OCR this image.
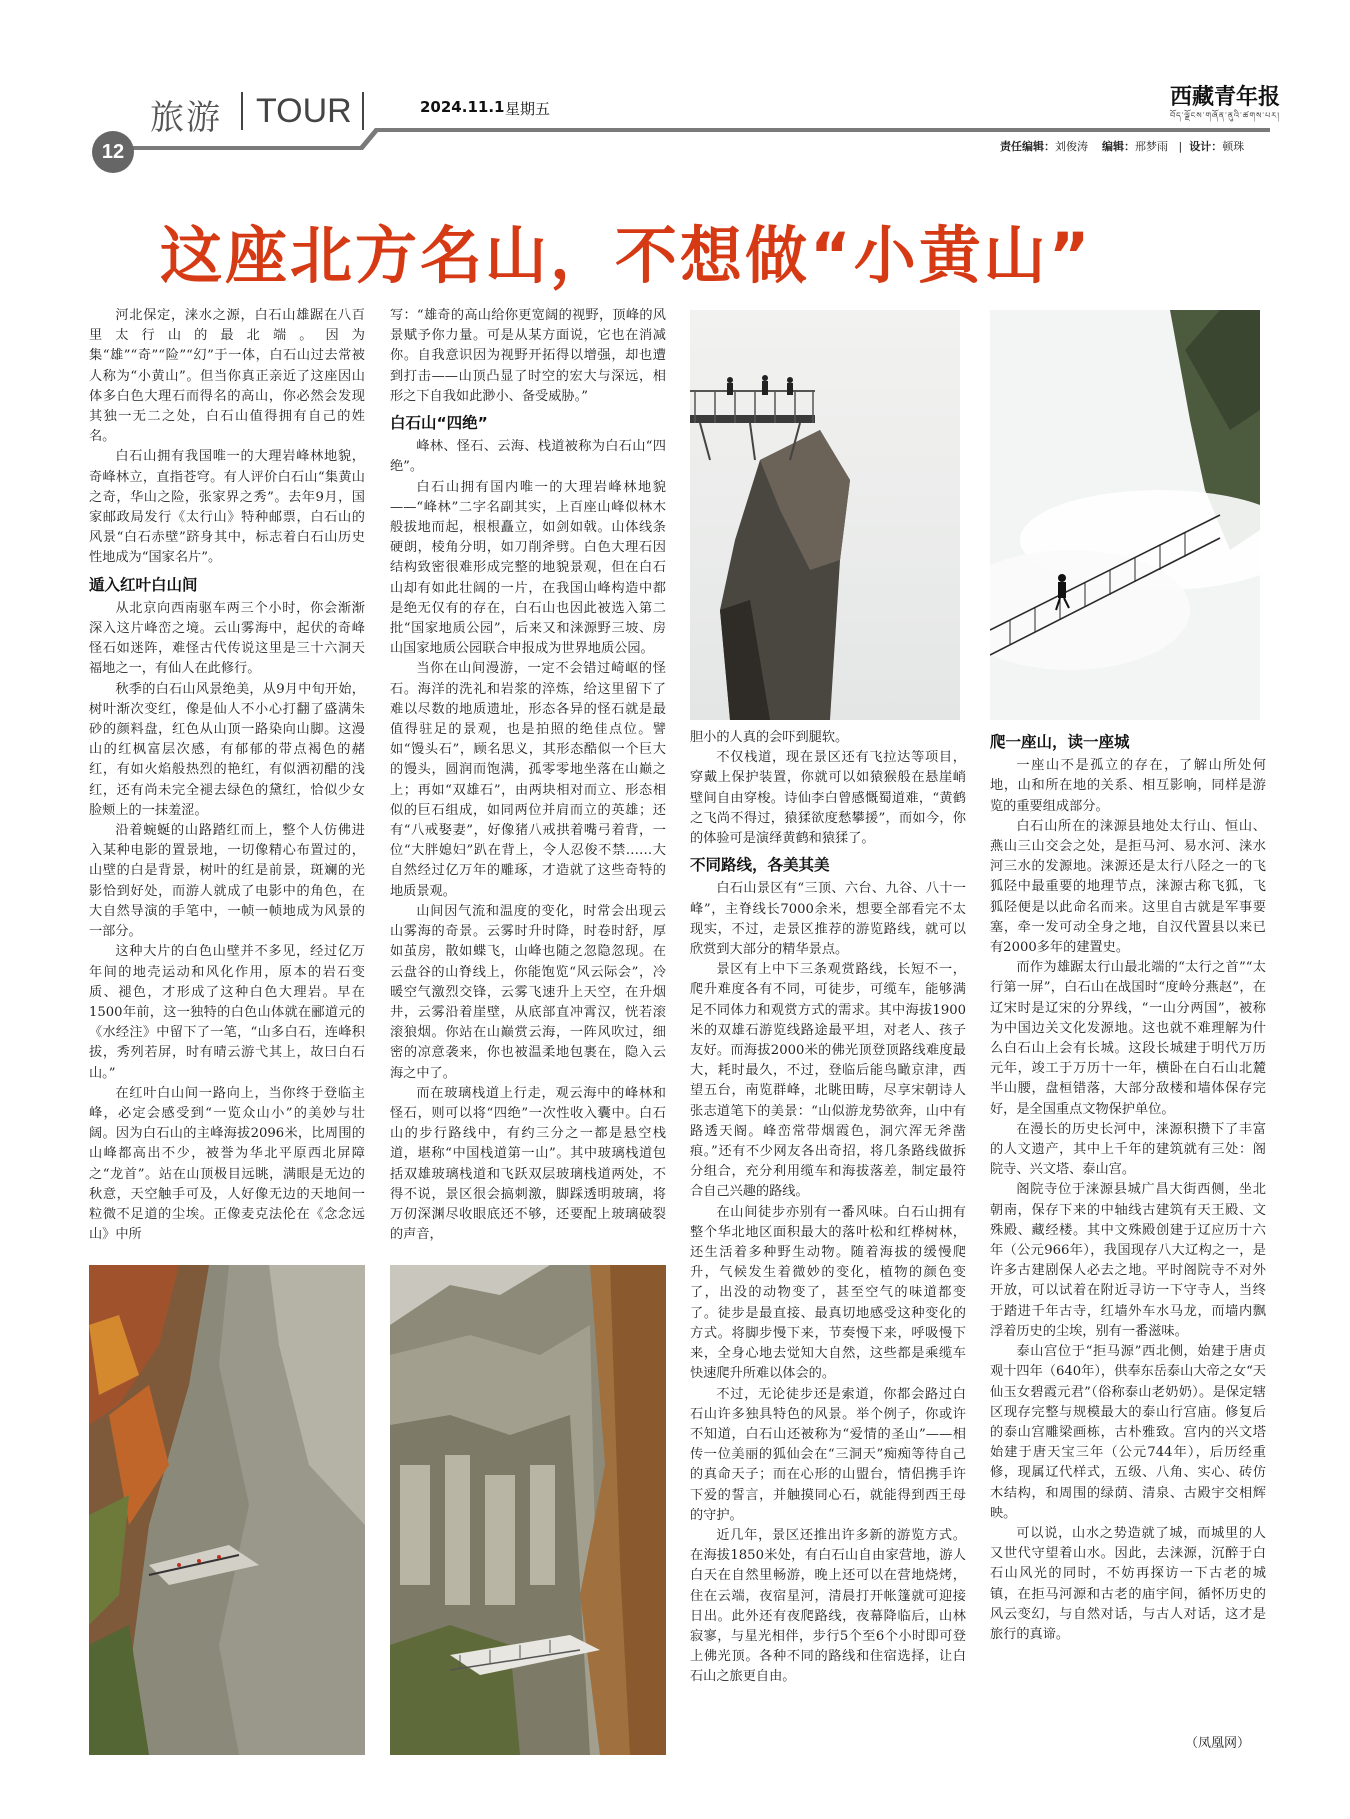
旅游 TOUR	2024.11.1 星期五	西藏青年报
བོད་ལྗོངས་གཞོན་ནུའི་ཚགས་པར།
12	责任编辑：刘俊涛 编辑：邢梦雨   |  设计：顿珠
这座北方名山，不想做“小黄山”

河北保定，涞水之源，白石山雄踞在八百里太行山的最北端。因为集“雄”“奇”“险”“幻”于一体，白石山过去常被人称为“小黄山”。但当你真正亲近了这座因山体多白色大理石而得名的高山，你必然会发现其独一无二之处，白石山值得拥有自己的姓名。

白石山拥有我国唯一的大理岩峰林地貌，奇峰林立，直指苍穹。有人评价白石山“集黄山之奇，华山之险，张家界之秀”。去年9月，国家邮政局发行《太行山》特种邮票，白石山的风景“白石赤壁”跻身其中，标志着白石山历史性地成为“国家名片”。

遁入红叶白山间

从北京向西南驱车两三个小时，你会渐渐深入这片峰峦之境。云山雾海中，起伏的奇峰怪石如迷阵，难怪古代传说这里是三十六洞天福地之一，有仙人在此修行。

秋季的白石山风景绝美，从9月中旬开始，树叶渐次变红，像是仙人不小心打翻了盛满朱砂的颜料盘，红色从山顶一路染向山脚。这漫山的红枫富层次感，有郁郁的带点褐色的赭红，有如火焰般热烈的艳红，有似洒初醋的浅红，还有尚未完全褪去绿色的黛红，恰似少女脸颊上的一抹羞涩。

沿着蜿蜒的山路踏红而上，整个人仿佛进入某种电影的置景地，一切像精心布置过的，山壁的白是背景，树叶的红是前景，斑斓的光影恰到好处，而游人就成了电影中的角色，在大自然导演的手笔中，一帧一帧地成为风景的一部分。

这种大片的白色山壁并不多见，经过亿万年间的地壳运动和风化作用，原本的岩石变质、褪色，才形成了这种白色大理岩。早在1500年前，这一独特的白色山体就在郦道元的《水经注》中留下了一笔，“山多白石，连峰积拔，秀列若屏，时有晴云游弋其上，故曰白石山。”

在红叶白山间一路向上，当你终于登临主峰，必定会感受到“一览众山小”的美妙与壮阔。因为白石山的主峰海拔2096米，比周围的山峰都高出不少，被誉为华北平原西北屏障之“龙首”。站在山顶极目远眺，满眼是无边的秋意，天空触手可及，人好像无边的天地间一粒微不足道的尘埃。正像麦克法伦在《念念远山》中所

写：“雄奇的高山给你更宽阔的视野，顶峰的风景赋予你力量。可是从某方面说，它也在消减你。自我意识因为视野开拓得以增强，却也遭到打击——山顶凸显了时空的宏大与深远，相形之下自我如此渺小、备受威胁。”

白石山“四绝”

峰林、怪石、云海、栈道被称为白石山“四绝”。

白石山拥有国内唯一的大理岩峰林地貌——“峰林”二字名副其实，上百座山峰似林木般拔地而起，根根矗立，如剑如戟。山体线条硬朗，棱角分明，如刀削斧劈。白色大理石因结构致密很难形成完整的地貌景观，但在白石山却有如此壮阔的一片，在我国山峰构造中都是绝无仅有的存在，白石山也因此被选入第二批“国家地质公园”，后来又和涞源野三坡、房山国家地质公园联合申报成为世界地质公园。

当你在山间漫游，一定不会错过崎岖的怪石。海洋的洗礼和岩浆的淬炼，给这里留下了难以尽数的地质遗址，形态各异的怪石就是最值得驻足的景观，也是拍照的绝佳点位。譬如“馒头石”，顾名思义，其形态酷似一个巨大的馒头，圆润而饱满，孤零零地坐落在山巅之上；再如“双雄石”，由两块相对而立、形态相似的巨石组成，如同两位并肩而立的英雄；还有“八戒娶妻”，好像猪八戒拱着嘴弓着背，一位“大胖媳妇”趴在背上，令人忍俊不禁……大自然经过亿万年的雕琢，才造就了这些奇特的地质景观。

山间因气流和温度的变化，时常会出现云山雾海的奇景。云雾时升时降，时卷时舒，厚如茧房，散如蝶飞，山峰也随之忽隐忽现。在云盘谷的山脊线上，你能饱览“风云际会”，冷暖空气激烈交锋，云雾飞速升上天空，在升烟井，云雾沿着崖壁，从底部直冲霄汉，恍若滚滚狼烟。你站在山巅赏云海，一阵风吹过，细密的凉意袭来，你也被温柔地包裹在，隐入云海之中了。

而在玻璃栈道上行走，观云海中的峰林和怪石，则可以将“四绝”一次性收入囊中。白石山的步行路线中，有约三分之一都是悬空栈道，堪称“中国栈道第一山”。其中玻璃栈道包括双雄玻璃栈道和飞跃双层玻璃栈道两处，不得不说，景区很会搞刺激，脚踩透明玻璃，将万仞深渊尽收眼底还不够，还要配上玻璃破裂的声音，

胆小的人真的会吓到腿软。

不仅栈道，现在景区还有飞拉达等项目，穿戴上保护装置，你就可以如猿猴般在悬崖峭壁间自由穿梭。诗仙李白曾感慨蜀道难，“黄鹤之飞尚不得过，猿猱欲度愁攀援”，而如今，你的体验可是演绎黄鹤和猿猱了。

不同路线，各美其美

白石山景区有“三顶、六台、九谷、八十一峰”，主脊线长7000余米，想要全部看完不太现实，不过，走景区推荐的游览路线，就可以欣赏到大部分的精华景点。

景区有上中下三条观赏路线，长短不一，爬升难度各有不同，可徒步，可缆车，能够满足不同体力和观赏方式的需求。其中海拔1900米的双雄石游览线路途最平坦，对老人、孩子友好。而海拔2000米的佛光顶登顶路线难度最大，耗时最久，不过，登临后能鸟瞰京津，西望五台，南览群峰，北眺田畴，尽享宋朝诗人张志道笔下的美景：“山似游龙势欲奔，山中有路透天阍。峰峦常带烟霞色，洞穴浑无斧凿痕。”还有不少网友各出奇招，将几条路线做拆分组合，充分利用缆车和海拔落差，制定最符合自己兴趣的路线。

在山间徒步亦别有一番风味。白石山拥有整个华北地区面积最大的落叶松和红桦树林，还生活着多种野生动物。随着海拔的缓慢爬升，气候发生着微妙的变化，植物的颜色变了，出没的动物变了，甚至空气的味道都变了。徒步是最直接、最真切地感受这种变化的方式。将脚步慢下来，节奏慢下来，呼吸慢下来，全身心地去觉知大自然，这些都是乘缆车快速爬升所难以体会的。

不过，无论徒步还是索道，你都会路过白石山许多独具特色的风景。举个例子，你或许不知道，白石山还被称为“爱情的圣山”——相传一位美丽的狐仙会在“三洞天”痴痴等待自己的真命天子；而在心形的山盟台，情侣携手许下爱的誓言，并触摸同心石，就能得到西王母的守护。

近几年，景区还推出许多新的游览方式。在海拔1850米处，有白石山自由家营地，游人白天在自然里畅游，晚上还可以在营地烧烤，住在云端，夜宿星河，清晨打开帐篷就可迎接日出。此外还有夜爬路线，夜幕降临后，山林寂寥，与星光相伴，步行5个至6个小时即可登上佛光顶。各种不同的路线和住宿选择，让白石山之旅更自由。

爬一座山，读一座城

一座山不是孤立的存在，了解山所处何地，山和所在地的关系、相互影响，同样是游览的重要组成部分。

白石山所在的涞源县地处太行山、恒山、燕山三山交会之处，是拒马河、易水河、涞水河三水的发源地。涞源还是太行八陉之一的飞狐陉中最重要的地理节点，涞源古称飞狐，飞狐陉便是以此命名而来。这里自古就是军事要塞，牵一发可动全身之地，自汉代置县以来已有2000多年的建置史。

而作为雄踞太行山最北端的“太行之首”“太行第一屏”，白石山在战国时“度岭分燕赵”，在辽宋时是辽宋的分界线，“一山分两国”，被称为中国边关文化发源地。这也就不难理解为什么白石山上会有长城。这段长城建于明代万历元年，竣工于万历十一年，横卧在白石山北麓半山腰，盘桓错落，大部分敌楼和墙体保存完好，是全国重点文物保护单位。

在漫长的历史长河中，涞源积攒下了丰富的人文遗产，其中上千年的建筑就有三处：阁院寺、兴文塔、泰山宫。

阁院寺位于涞源县城广昌大街西侧，坐北朝南，保存下来的中轴线古建筑有天王殿、文殊殿、藏经楼。其中文殊殿创建于辽应历十六年（公元966年），我国现存八大辽构之一，是许多古建剧保人必去之地。平时阁院寺不对外开放，可以试着在附近寻访一下守寺人，当终于踏进千年古寺，红墙外车水马龙，而墙内飘浮着历史的尘埃，别有一番滋味。

泰山宫位于“拒马源”西北侧，始建于唐贞观十四年（640年），供奉东岳泰山大帝之女“天仙玉女碧霞元君”（俗称泰山老奶奶）。是保定辖区现存完整与规模最大的泰山行宫庙。修复后的泰山宫雕梁画栋，古朴雅致。宫内的兴文塔始建于唐天宝三年（公元744年），后历经重修，现属辽代样式，五级、八角、实心、砖仿木结构，和周围的绿荫、清泉、古殿宇交相辉映。

可以说，山水之势造就了城，而城里的人又世代守望着山水。因此，去涞源，沉醉于白石山风光的同时，不妨再探访一下古老的城镇，在拒马河源和古老的庙宇间，循怀历史的风云变幻，与自然对话，与古人对话，这才是旅行的真谛。

（凤凰网）
